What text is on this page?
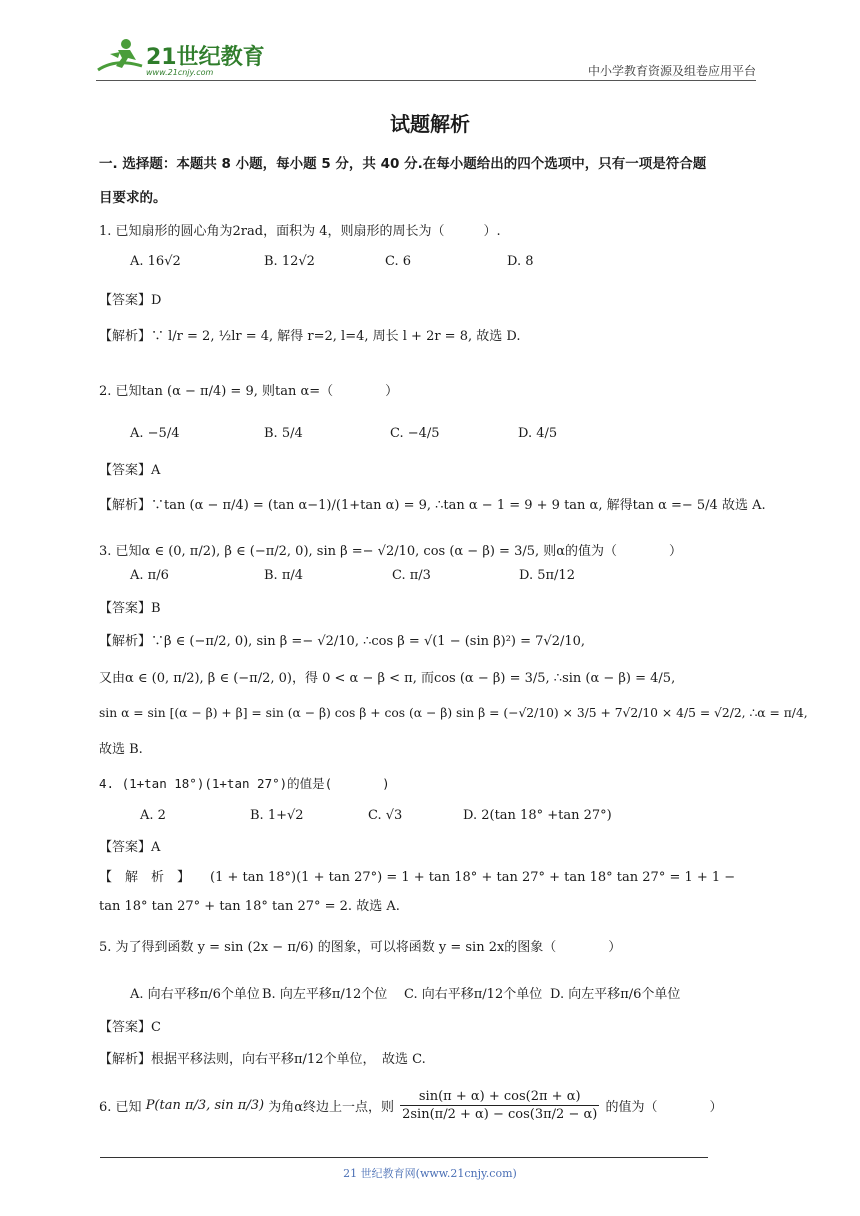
21世纪教育
www.21cnjy.com	中小学教育资源及组卷应用平台
试题解析
一. 选择题：本题共 8 小题，每小题 5 分，共 40 分.在每小题给出的四个选项中，只有一项是符合题
目要求的。
1. 已知扇形的圆心角为2rad，面积为 4，则扇形的周长为（　　　）.
A. 16√2	B. 12√2	C. 6	D. 8
【答案】D
【解析】∵ l/r = 2, ½lr = 4, 解得 r=2, l=4, 周长 l + 2r = 8, 故选 D.
2. 已知tan (α − π/4) = 9, 则tan α=（　　　　）
A. −5/4	B. 5/4	C. −4/5	D. 4/5
【答案】A
【解析】∵tan (α − π/4) = (tan α−1)/(1+tan α) = 9, ∴tan α − 1 = 9 + 9 tan α, 解得tan α =− 5/4 故选 A.
3. 已知α ∈ (0, π/2), β ∈ (−π/2, 0), sin β =− √2/10, cos (α − β) = 3/5, 则α的值为（　　　　）
A. π/6	B. π/4	C. π/3	D. 5π/12
【答案】B
【解析】∵β ∈ (−π/2, 0), sin β =− √2/10, ∴cos β = √(1 − (sin β)²) = 7√2/10,
又由α ∈ (0, π/2), β ∈ (−π/2, 0)，得 0 < α − β < π, 而cos (α − β) = 3/5, ∴sin (α − β) = 4/5,
sin α = sin [(α − β) + β] = sin (α − β) cos β + cos (α − β) sin β = (−√2/10) × 3/5 + 7√2/10 × 4/5 = √2/2, ∴α = π/4,
故选 B.
4. (1+tan 18°)(1+tan 27°)的值是(　　　　)
A. 2	B. 1+√2	C. √3	D. 2(tan 18° +tan 27°)
【答案】A
【　解　析　】 (1 + tan 18°)(1 + tan 27°) = 1 + tan 18° + tan 27° + tan 18° tan 27° = 1 + 1 −
tan 18° tan 27° + tan 18° tan 27° = 2. 故选 A.
5. 为了得到函数 y = sin (2x − π/6) 的图象，可以将函数 y = sin 2x的图象（　　　　）
A. 向右平移π/6个单位 B. 向左平移π/12个位 C. 向右平移π/12个单位 D. 向左平移π/6个单位
【答案】C
【解析】根据平移法则，向右平移π/12个单位，　故选 C.
6. 已知 P(tan π/3, sin π/3) 为角α终边上一点，则 $\frac{\sin(\pi + \alpha) + \cos(2\pi + \alpha)}{2\sin(\pi/2 + \alpha) - \cos(3\pi/2 - \alpha)}$ 的值为（　　　　）
21 世纪教育网(www.21cnjy.com)
